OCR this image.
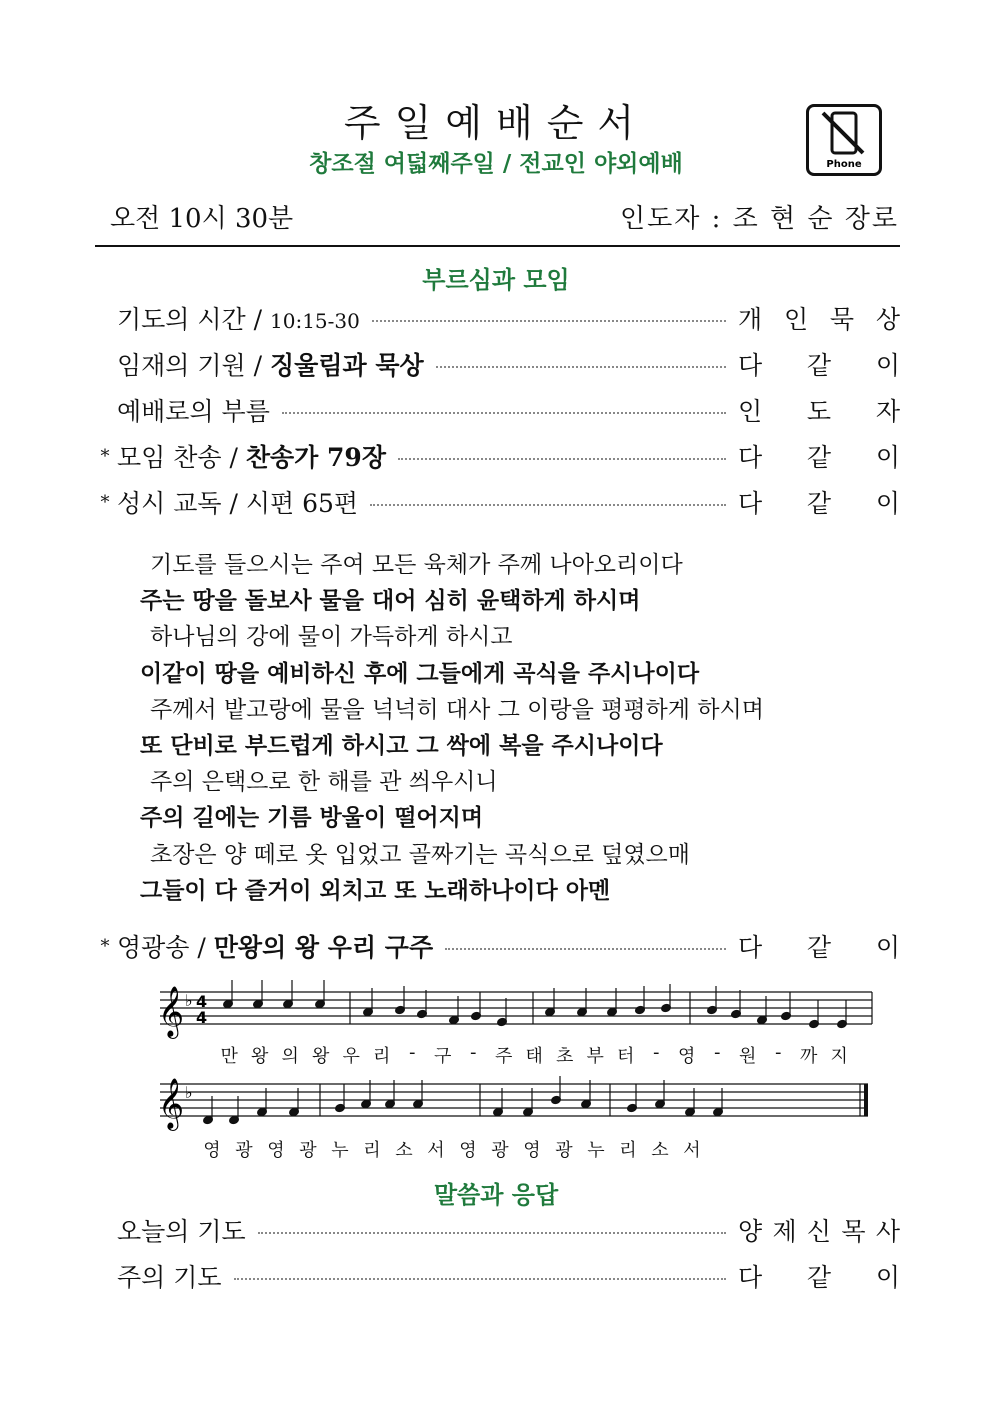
주일예배순서
창조절 여덟째주일 / 전교인 야외예배	Phone
오전 10시 30분	인도자 : 조 현 순 장로
부르심과 모임
기도의 시간 / 10:15-30	개 인 묵 상
임재의 기원 / 징울림과 묵상	다 같 이
예배로의 부름	인 도 자
* 모임 찬송 / 찬송가 79장	다 같 이
* 성시 교독 / 시편 65편	다 같 이
기도를 들으시는 주여 모든 육체가 주께 나아오리이다
주는 땅을 돌보사 물을 대어 심히 윤택하게 하시며
하나님의 강에 물이 가득하게 하시고
이같이 땅을 예비하신 후에 그들에게 곡식을 주시나이다
주께서 밭고랑에 물을 넉넉히 대사 그 이랑을 평평하게 하시며
또 단비로 부드럽게 하시고 그 싹에 복을 주시나이다
주의 은택으로 한 해를 관 씌우시니
주의 길에는 기름 방울이 떨어지며
초장은 양 떼로 옷 입었고 골짜기는 곡식으로 덮였으매
그들이 다 즐거이 외치고 또 노래하나이다 아멘
* 영광송 / 만왕의 왕 우리 구주	다 같 이
𝄞 ♭ 4
4
만 왕 의 왕 우 리	-	구	-	주 태 초 부 터	-	영	-	원	-	까 지
𝄞 ♭
영 광 영 광 누 리 소 서 영 광 영 광 누 리 소 서
말씀과 응답
오늘의 기도	양 제 신 목 사
주의 기도	다 같 이
